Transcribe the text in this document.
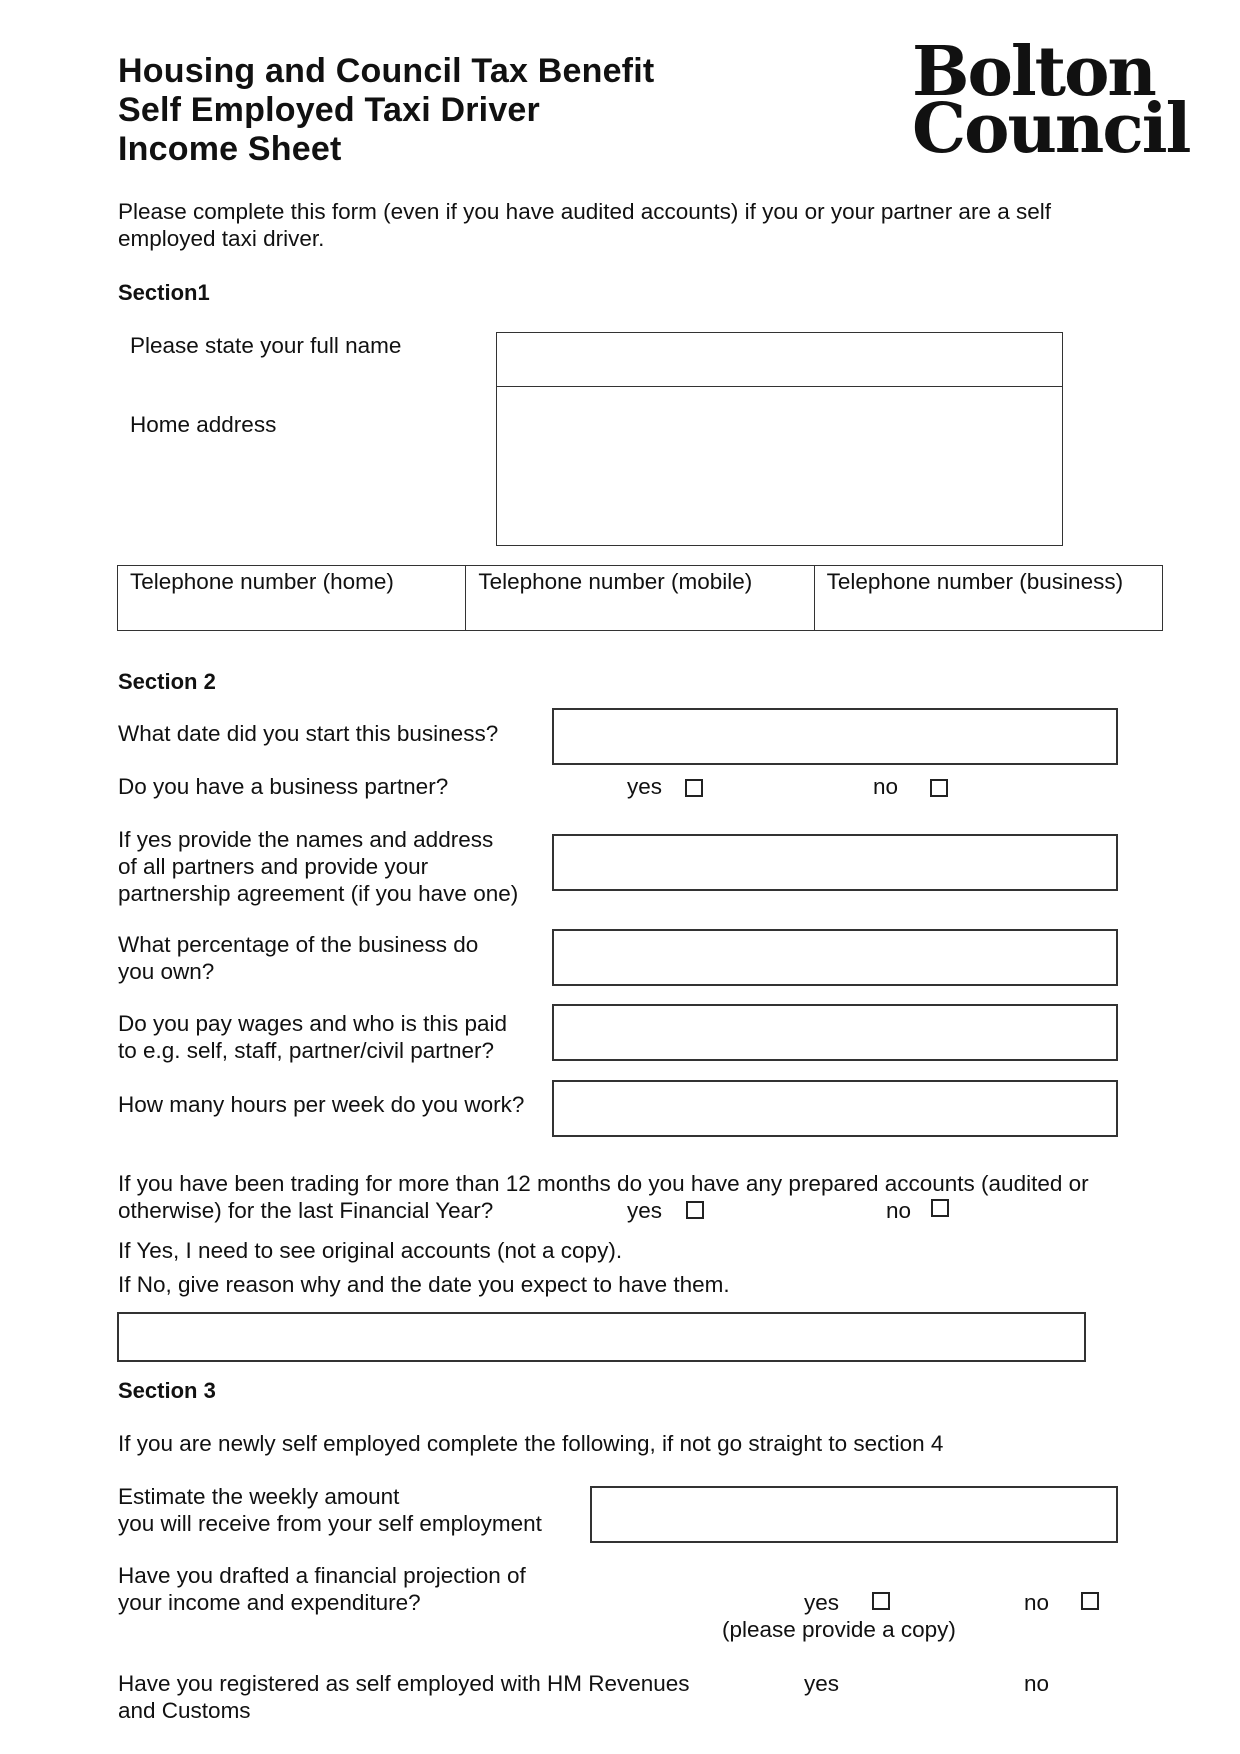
Housing and Council Tax Benefit
Self Employed Taxi Driver
Income Sheet
Bolton
Council
Please complete this form (even if you have audited accounts) if you or your partner are a self employed taxi driver.
Section1
Please state your full name
Home address
Telephone number (home)	Telephone number (mobile)	Telephone number (business)
Section 2
What date did you start this business?
Do you have a business partner?	yes	no
If yes provide the names and address
of all partners and provide your
partnership agreement (if you have one)
What percentage of the business do
you own?
Do you pay wages and who is this paid
to e.g. self, staff, partner/civil partner?
How many hours per week do you work?
If you have been trading for more than 12 months do you have any prepared accounts (audited or
otherwise) for the last Financial Year?	yes	no
If Yes, I need to see original accounts (not a copy).
If No, give reason why and the date you expect to have them.
Section 3
If you are newly self employed complete the following, if not go straight to section 4
Estimate the weekly amount
you will receive from your self employment
Have you drafted a financial projection of
your income and expenditure?	yes	no
(please provide a copy)
Have you registered as self employed with HM Revenues
and Customs
yes	no
